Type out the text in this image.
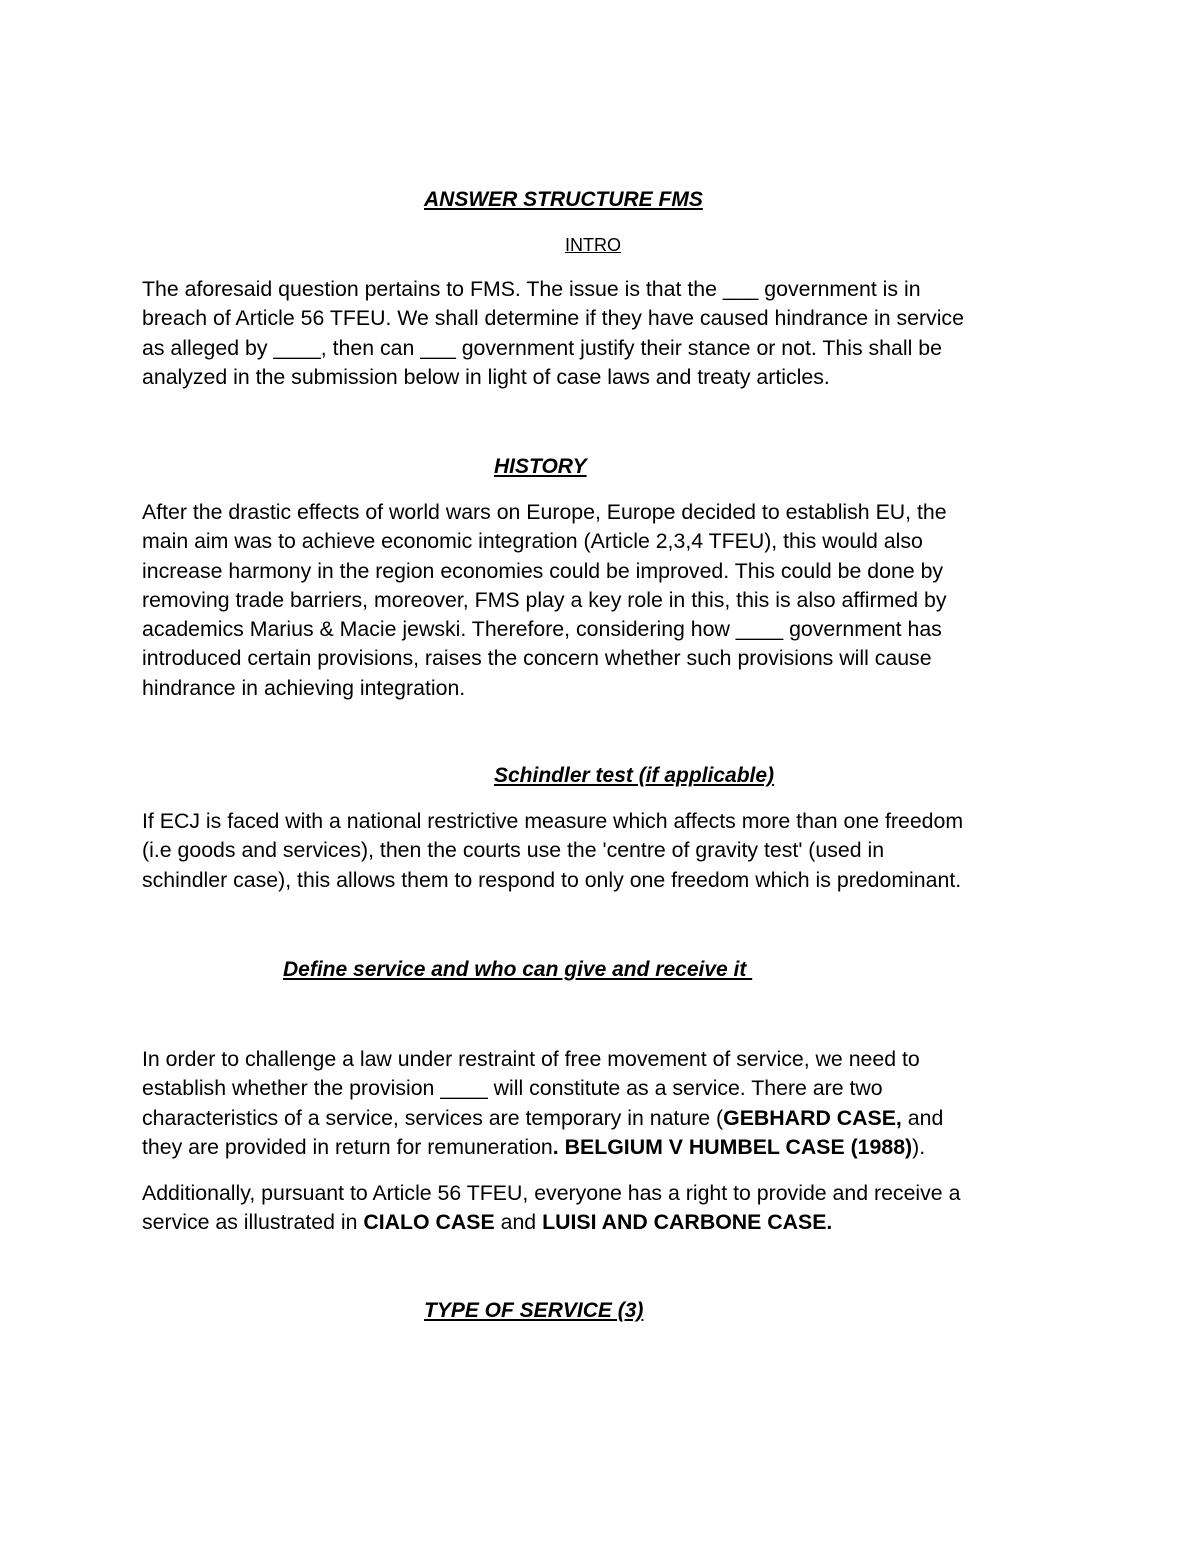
ANSWER STRUCTURE FMS
INTRO

The aforesaid question pertains to FMS. The issue is that the ___ government is in
breach of Article 56 TFEU. We shall determine if they have caused hindrance in service
as alleged by ____, then can ___ government justify their stance or not. This shall be
analyzed in the submission below in light of case laws and treaty articles.

HISTORY

After the drastic effects of world wars on Europe, Europe decided to establish EU, the
main aim was to achieve economic integration (Article 2,3,4 TFEU), this would also
increase harmony in the region economies could be improved. This could be done by
removing trade barriers, moreover, FMS play a key role in this, this is also affirmed by
academics Marius & Macie jewski. Therefore, considering how ____ government has
introduced certain provisions, raises the concern whether such provisions will cause
hindrance in achieving integration.

Schindler test (if applicable)

If ECJ is faced with a national restrictive measure which affects more than one freedom
(i.e goods and services), then the courts use the 'centre of gravity test' (used in
schindler case), this allows them to respond to only one freedom which is predominant.

Define service and who can give and receive it

In order to challenge a law under restraint of free movement of service, we need to
establish whether the provision ____ will constitute as a service. There are two
characteristics of a service, services are temporary in nature (GEBHARD CASE, and
they are provided in return for remuneration. BELGIUM V HUMBEL CASE (1988)).

Additionally, pursuant to Article 56 TFEU, everyone has a right to provide and receive a
service as illustrated in CIALO CASE and LUISI AND CARBONE CASE.

TYPE OF SERVICE (3)
